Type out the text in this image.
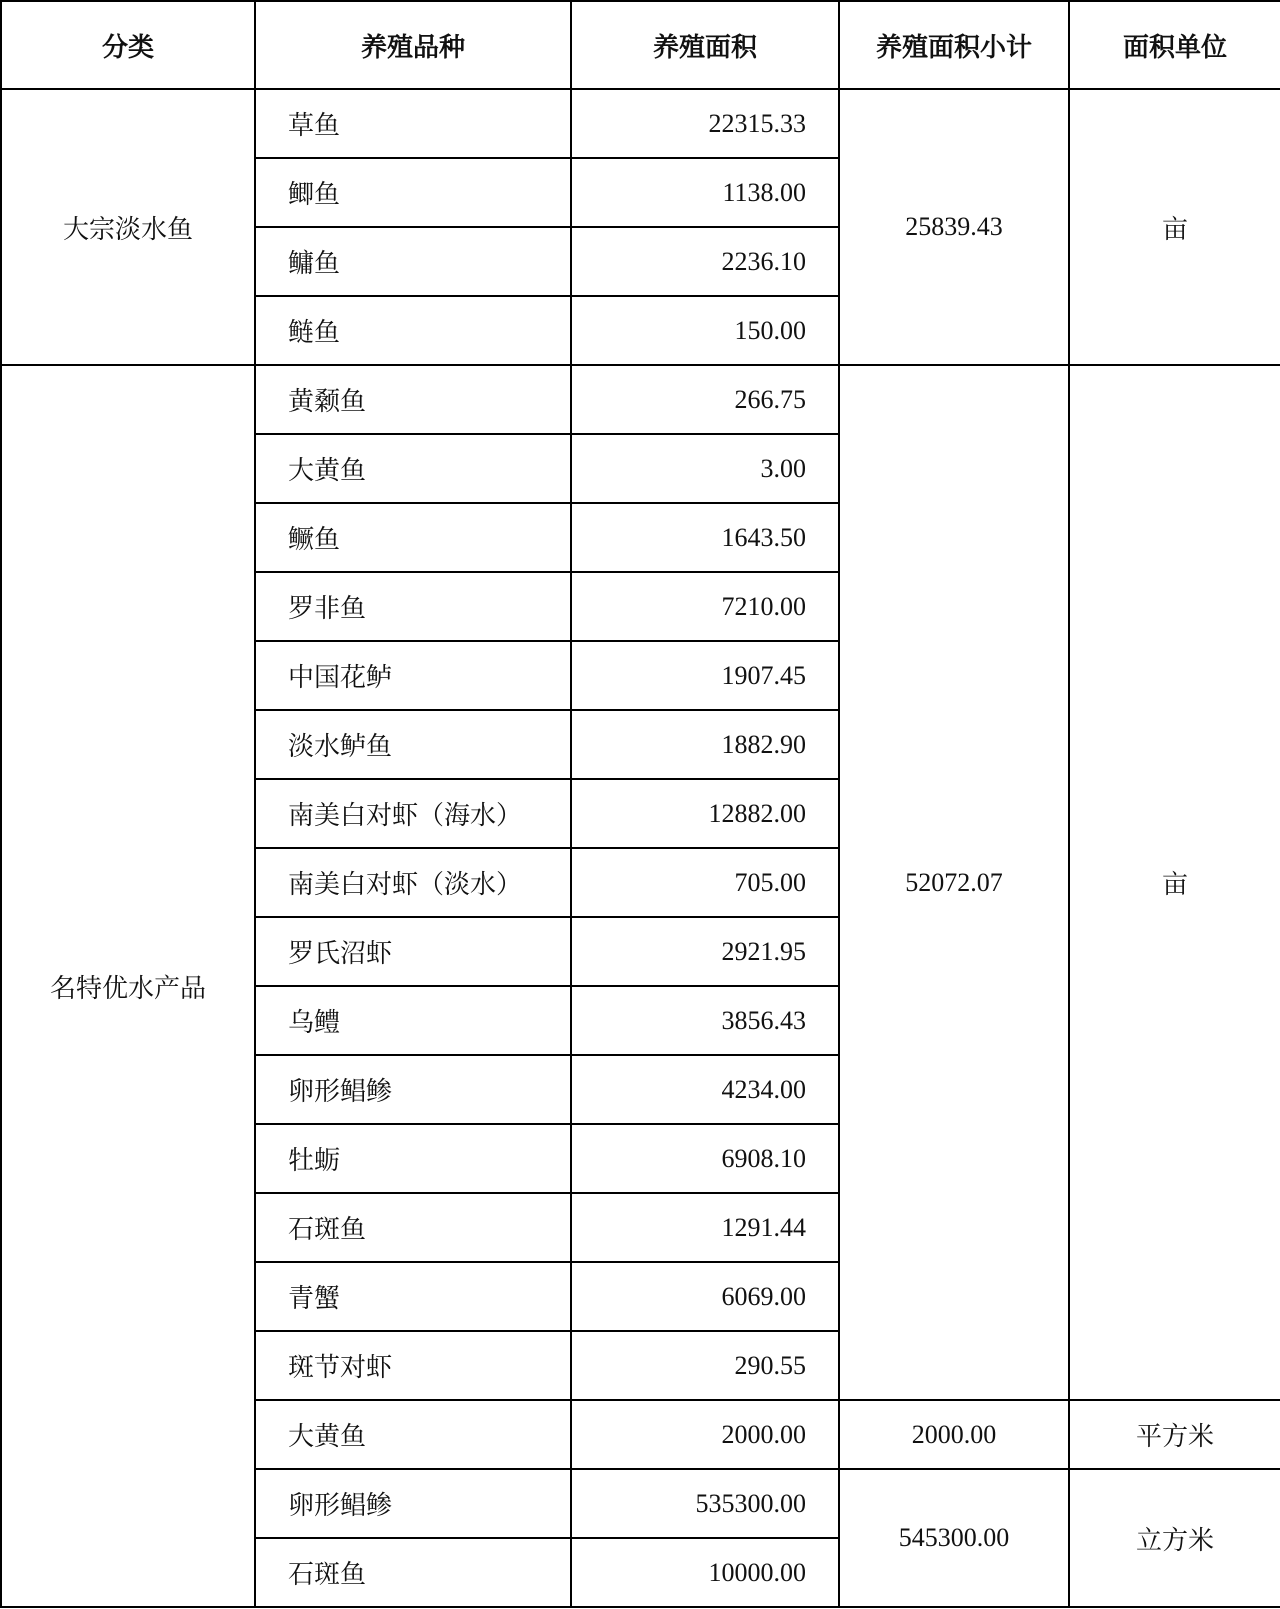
分类	养殖品种	养殖面积	养殖面积小计	面积单位
大宗淡水鱼	草鱼	22315.33	25839.43	亩
	鲫鱼	1138.00		
	鳙鱼	2236.10		
	鲢鱼	150.00		
名特优水产品	黄颡鱼	266.75	52072.07	亩
	大黄鱼	3.00		
	鳜鱼	1643.50		
	罗非鱼	7210.00		
	中国花鲈	1907.45		
	淡水鲈鱼	1882.90		
	南美白对虾（海水）	12882.00		
	南美白对虾（淡水）	705.00		
	罗氏沼虾	2921.95		
	乌鳢	3856.43		
	卵形鲳鲹	4234.00		
	牡蛎	6908.10		
	石斑鱼	1291.44		
	青蟹	6069.00		
	斑节对虾	290.55		
	大黄鱼	2000.00	2000.00	平方米
	卵形鲳鲹	535300.00	545300.00	立方米
	石斑鱼	10000.00		
